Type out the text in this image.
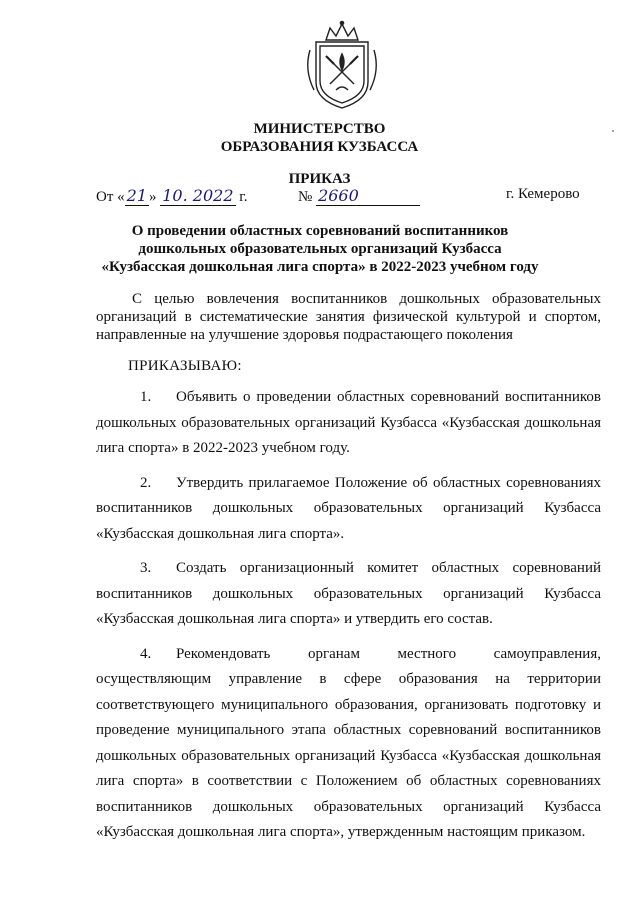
МИНИСТЕРСТВО
ОБРАЗОВАНИЯ КУЗБАССА
ПРИКАЗ
От « 21 » 10. 2022 г.	№ 2660	г. Кемерово
О проведении областных соревнований воспитанников
дошкольных образовательных организаций Кузбасса
«Кузбасская дошкольная лига спорта» в 2022-2023 учебном году
С целью вовлечения воспитанников дошкольных образовательных организаций в систематические занятия физической культурой и спортом, направленные на улучшение здоровья подрастающего поколения
ПРИКАЗЫВАЮ:

1. Объявить о проведении областных соревнований воспитанников дошкольных образовательных организаций Кузбасса «Кузбасская дошкольная лига спорта» в 2022-2023 учебном году.

2. Утвердить прилагаемое Положение об областных соревнованиях воспитанников дошкольных образовательных организаций Кузбасса «Кузбасская дошкольная лига спорта».

3. Создать организационный комитет областных соревнований воспитанников дошкольных образовательных организаций Кузбасса «Кузбасская дошкольная лига спорта» и утвердить его состав.

4. Рекомендовать органам местного самоуправления, осуществляющим управление в сфере образования на территории соответствующего муниципального образования, организовать подготовку и проведение муниципального этапа областных соревнований воспитанников дошкольных образовательных организаций Кузбасса «Кузбасская дошкольная лига спорта» в соответствии с Положением об областных соревнованиях воспитанников дошкольных образовательных организаций Кузбасса «Кузбасская дошкольная лига спорта», утвержденным настоящим приказом.
